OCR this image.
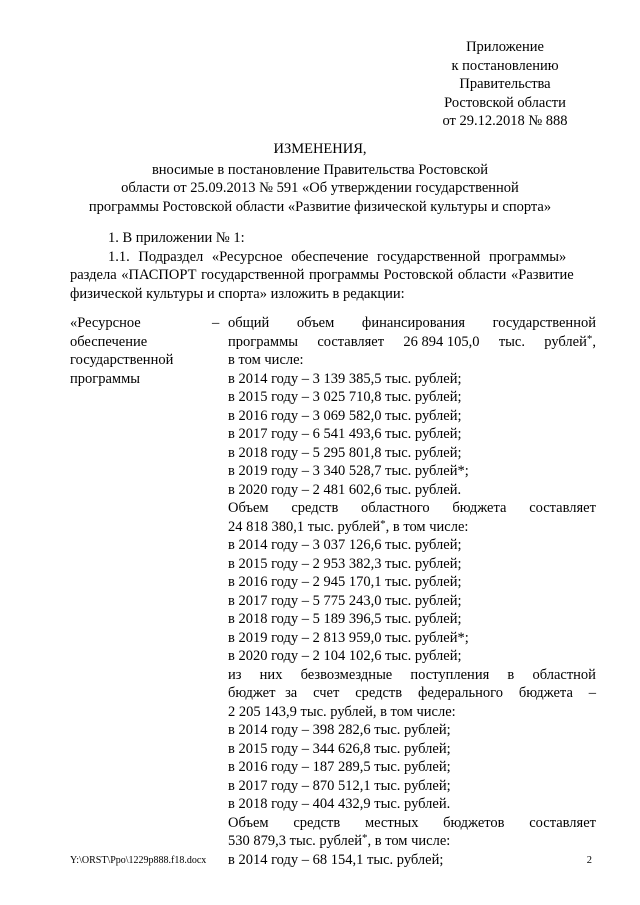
Приложение
к постановлению
Правительства
Ростовской области
от 29.12.2018 № 888
ИЗМЕНЕНИЯ,
вносимые в постановление Правительства Ростовской
области от 25.09.2013 № 591 «Об утверждении государственной
программы Ростовской области «Развитие физической культуры и спорта»
1. В приложении № 1:
1.1. Подраздел «Ресурсное обеспечение государственной программы»
раздела «ПАСПОРТ государственной программы Ростовской области «Развитие
физической культуры и спорта» изложить в редакции:
«Ресурсное
обеспечение
государственной
программы
– общий объем финансирования государственной
программы составляет 26 894 105,0 тыс. рублей*,
в том числе:
в 2014 году – 3 139 385,5 тыс. рублей;
в 2015 году – 3 025 710,8 тыс. рублей;
в 2016 году – 3 069 582,0 тыс. рублей;
в 2017 году – 6 541 493,6 тыс. рублей;
в 2018 году – 5 295 801,8 тыс. рублей;
в 2019 году – 3 340 528,7 тыс. рублей*;
в 2020 году – 2 481 602,6 тыс. рублей.
Объем средств областного бюджета составляет
24 818 380,1 тыс. рублей*, в том числе:
в 2014 году – 3 037 126,6 тыс. рублей;
в 2015 году – 2 953 382,3 тыс. рублей;
в 2016 году – 2 945 170,1 тыс. рублей;
в 2017 году – 5 775 243,0 тыс. рублей;
в 2018 году – 5 189 396,5 тыс. рублей;
в 2019 году – 2 813 959,0 тыс. рублей*;
в 2020 году – 2 104 102,6 тыс. рублей;
из них безвозмездные поступления в областной
бюджет за счет средств федерального бюджета –
2 205 143,9 тыс. рублей, в том числе:
в 2014 году – 398 282,6 тыс. рублей;
в 2015 году – 344 626,8 тыс. рублей;
в 2016 году – 187 289,5 тыс. рублей;
в 2017 году – 870 512,1 тыс. рублей;
в 2018 году – 404 432,9 тыс. рублей.
Объем средств местных бюджетов составляет
530 879,3 тыс. рублей*, в том числе:
в 2014 году – 68 154,1 тыс. рублей;
Y:\ORST\Ppo\1229p888.f18.docx	2
